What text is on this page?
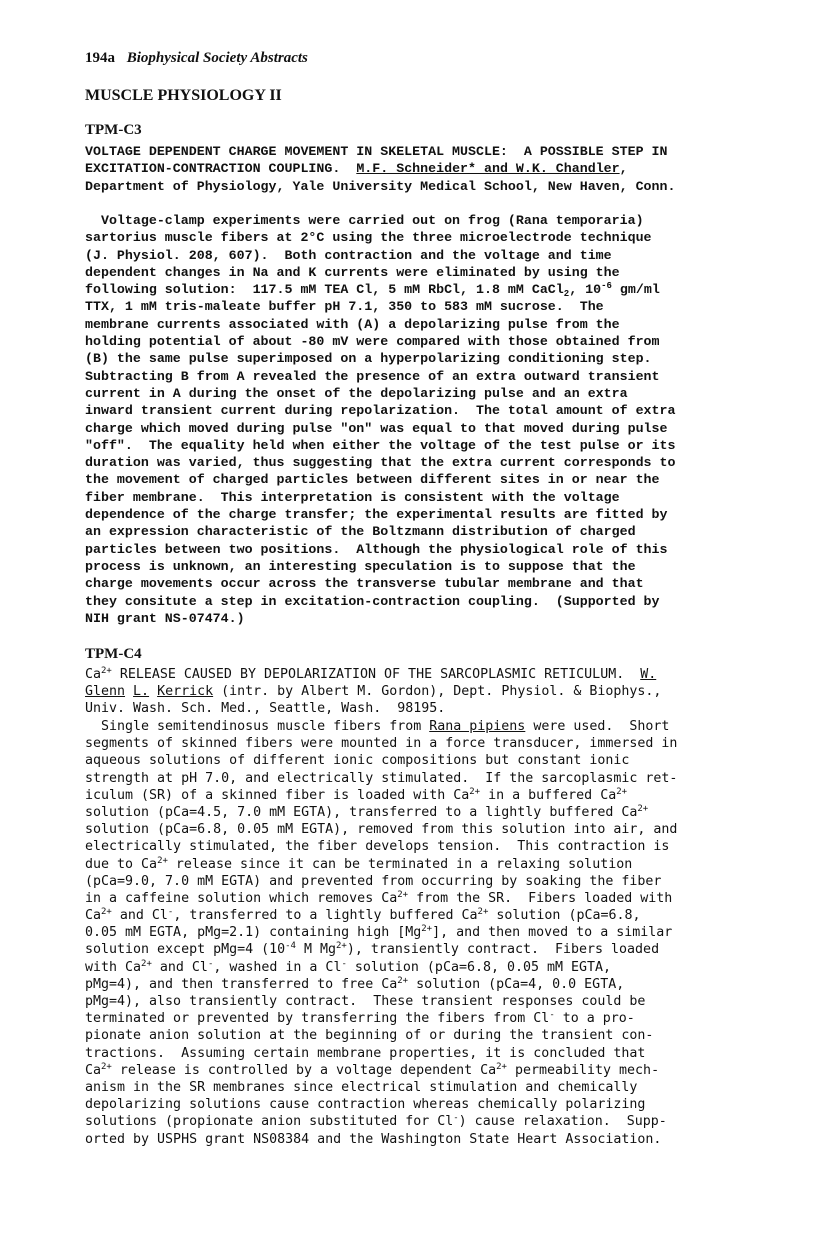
194a Biophysical Society Abstracts
MUSCLE PHYSIOLOGY II
TPM-C3
VOLTAGE DEPENDENT CHARGE MOVEMENT IN SKELETAL MUSCLE:  A POSSIBLE STEP IN
EXCITATION-CONTRACTION COUPLING.  M.F. Schneider* and W.K. Chandler,
Department of Physiology, Yale University Medical School, New Haven, Conn.
Voltage-clamp experiments were carried out on frog (Rana temporaria)
sartorius muscle fibers at 2°C using the three microelectrode technique
(J. Physiol. 208, 607).  Both contraction and the voltage and time
dependent changes in Na and K currents were eliminated by using the
following solution:  117.5 mM TEA Cl, 5 mM RbCl, 1.8 mM CaCl$_2$, $10^{-6}$ gm/ml
TTX, 1 mM tris-maleate buffer pH 7.1, 350 to 583 mM sucrose.  The
membrane currents associated with (A) a depolarizing pulse from the
holding potential of about -80 mV were compared with those obtained from
(B) the same pulse superimposed on a hyperpolarizing conditioning step.
Subtracting B from A revealed the presence of an extra outward transient
current in A during the onset of the depolarizing pulse and an extra
inward transient current during repolarization.  The total amount of extra
charge which moved during pulse "on" was equal to that moved during pulse
"off".  The equality held when either the voltage of the test pulse or its
duration was varied, thus suggesting that the extra current corresponds to
the movement of charged particles between different sites in or near the
fiber membrane.  This interpretation is consistent with the voltage
dependence of the charge transfer; the experimental results are fitted by
an expression characteristic of the Boltzmann distribution of charged
particles between two positions.  Although the physiological role of this
process is unknown, an interesting speculation is to suppose that the
charge movements occur across the transverse tubular membrane and that
they consitute a step in excitation-contraction coupling.  (Supported by
NIH grant NS-07474.)
TPM-C4
$Ca^{2+}$ RELEASE CAUSED BY DEPOLARIZATION OF THE SARCOPLASMIC RETICULUM.  W.
Glenn L. Kerrick (intr. by Albert M. Gordon), Dept. Physiol. & Biophys.,
Univ. Wash. Sch. Med., Seattle, Wash.  98195.
Single semitendinosus muscle fibers from Rana pipiens were used.  Short
segments of skinned fibers were mounted in a force transducer, immersed in
aqueous solutions of different ionic compositions but constant ionic
strength at pH 7.0, and electrically stimulated.  If the sarcoplasmic ret-
iculum (SR) of a skinned fiber is loaded with $Ca^{2+}$ in a buffered $Ca^{2+}$
solution (pCa=4.5, 7.0 mM EGTA), transferred to a lightly buffered $Ca^{2+}$
solution (pCa=6.8, 0.05 mM EGTA), removed from this solution into air, and
electrically stimulated, the fiber develops tension.  This contraction is
due to $Ca^{2+}$ release since it can be terminated in a relaxing solution
(pCa=9.0, 7.0 mM EGTA) and prevented from occurring by soaking the fiber
in a caffeine solution which removes $Ca^{2+}$ from the SR.  Fibers loaded with
$Ca^{2+}$ and Cl-, transferred to a lightly buffered $Ca^{2+}$ solution (pCa=6.8,
0.05 mM EGTA, pMg=2.1) containing high $[Mg^{2+}]$, and then moved to a similar
solution except pMg=4 ($10^{-4}$ M $Mg^{2+}$), transiently contract.  Fibers loaded
with $Ca^{2+}$ and Cl-, washed in a Cl- solution (pCa=6.8, 0.05 mM EGTA,
pMg=4), and then transferred to free $Ca^{2+}$ solution (pCa=4, 0.0 EGTA,
pMg=4), also transiently contract.  These transient responses could be
terminated or prevented by transferring the fibers from Cl- to a pro-
pionate anion solution at the beginning of or during the transient con-
tractions.  Assuming certain membrane properties, it is concluded that
$Ca^{2+}$ release is controlled by a voltage dependent $Ca^{2+}$ permeability mech-
anism in the SR membranes since electrical stimulation and chemically
depolarizing solutions cause contraction whereas chemically polarizing
solutions (propionate anion substituted for Cl-) cause relaxation.  Supp-
orted by USPHS grant NS08384 and the Washington State Heart Association.
